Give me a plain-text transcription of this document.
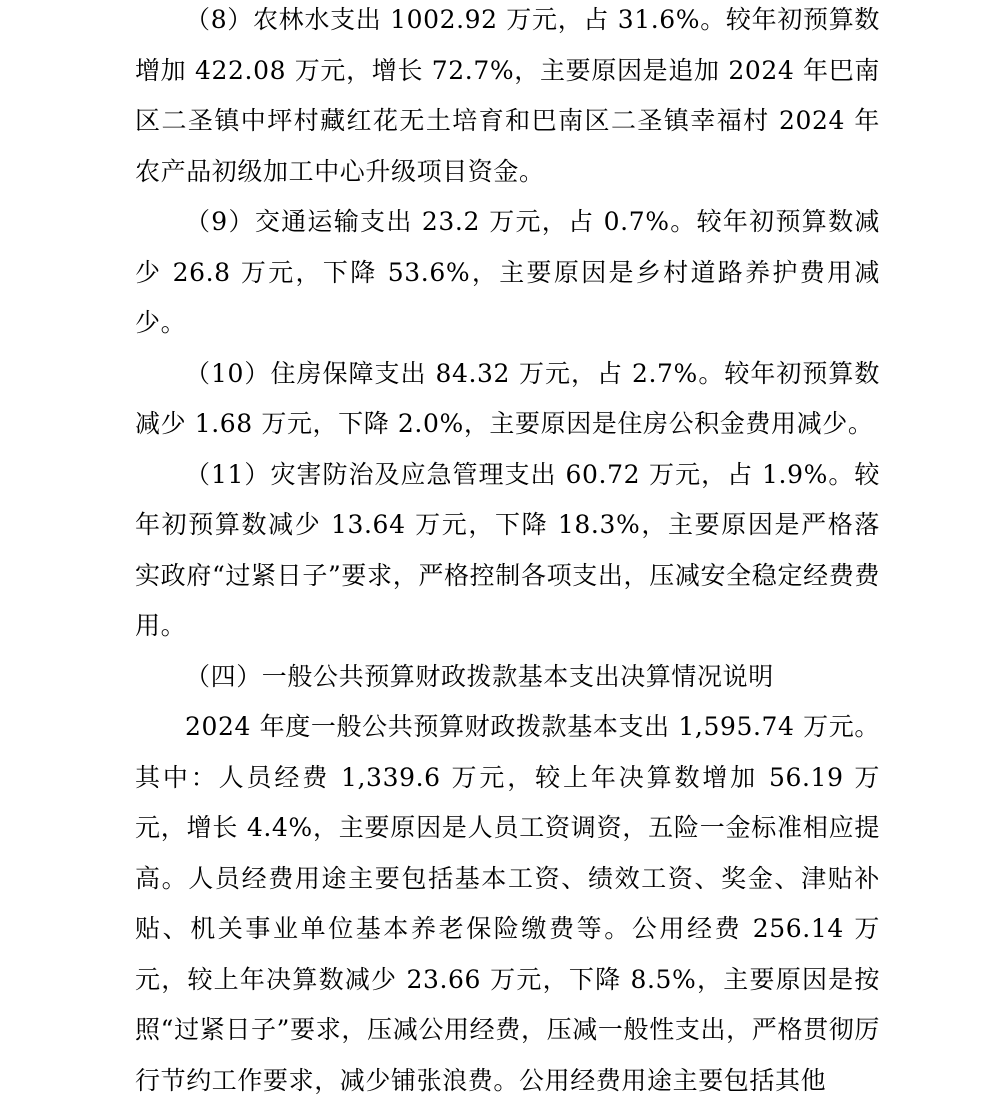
（8）农林水支出 1002.92 万元，占 31.6%。较年初预算数增加 422.08 万元，增长 72.7%，主要原因是追加 2024 年巴南区二圣镇中坪村藏红花无土培育和巴南区二圣镇幸福村 2024 年农产品初级加工中心升级项目资金。

（9）交通运输支出 23.2 万元，占 0.7%。较年初预算数减少 26.8 万元，下降 53.6%，主要原因是乡村道路养护费用减少。

（10）住房保障支出 84.32 万元，占 2.7%。较年初预算数减少 1.68 万元，下降 2.0%，主要原因是住房公积金费用减少。

（11）灾害防治及应急管理支出 60.72 万元，占 1.9%。较年初预算数减少 13.64 万元，下降 18.3%，主要原因是严格落实政府“过紧日子”要求，严格控制各项支出，压减安全稳定经费费用。

（四）一般公共预算财政拨款基本支出决算情况说明

2024 年度一般公共预算财政拨款基本支出 1,595.74 万元。其中：人员经费 1,339.6 万元，较上年决算数增加 56.19 万元，增长 4.4%，主要原因是人员工资调资，五险一金标准相应提高。人员经费用途主要包括基本工资、绩效工资、奖金、津贴补贴、机关事业单位基本养老保险缴费等。公用经费 256.14 万元，较上年决算数减少 23.66 万元，下降 8.5%，主要原因是按照“过紧日子”要求，压减公用经费，压减一般性支出，严格贯彻厉行节约工作要求，减少铺张浪费。公用经费用途主要包括其他
